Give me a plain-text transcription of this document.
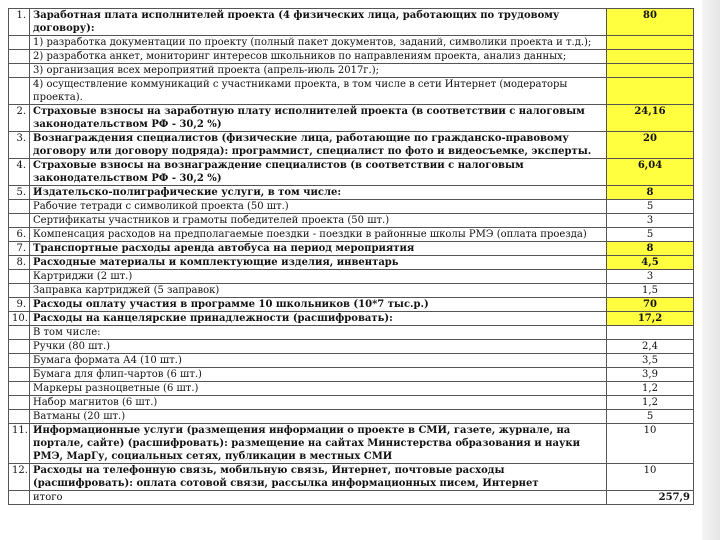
1.	Заработная плата исполнителей проекта (4 физических лица, работающих по трудовому договору):	80
	1) разработка документации по проекту (полный пакет документов, заданий, символики проекта и т.д.);	
	2) разработка анкет, мониторинг интересов школьников по направлениям проекта, анализ данных;	
	3) организация всех мероприятий проекта (апрель-июль 2017г.);	
	4) осуществление коммуникаций с участниками проекта, в том числе в сети Интернет (модераторы проекта).	
2.	Страховые взносы на заработную плату исполнителей проекта (в соответствии с налоговым законодательством РФ - 30,2 %)	24,16
3.	Вознаграждения специалистов (физические лица, работающие по гражданско-правовому договору или договору подряда): программист, специалист по фото и видеосъемке, эксперты.	20
4.	Страховые взносы на вознаграждение специалистов (в соответствии с налоговым законодательством РФ - 30,2 %)	6,04
5.	Издательско-полиграфические услуги, в том числе:	8
	Рабочие тетради с символикой проекта (50 шт.)	5
	Сертификаты участников и грамоты победителей проекта (50 шт.)	3
6.	Компенсация расходов на предполагаемые поездки - поездки в районные школы РМЭ (оплата проезда)	5
7.	Транспортные расходы аренда автобуса на период мероприятия	8
8.	Расходные материалы и комплектующие изделия, инвентарь	4,5
	Картриджи (2 шт.)	3
	Заправка картриджей (5 заправок)	1,5
9.	Расходы оплату участия в программе 10 школьников (10*7 тыс.р.)	70
10.	Расходы на канцелярские принадлежности (расшифровать):	17,2
	В том числе:	
	Ручки (80 шт.)	2,4
	Бумага формата А4 (10 шт.)	3,5
	Бумага для флип-чартов (6 шт.)	3,9
	Маркеры разноцветные (6 шт.)	1,2
	Набор магнитов (6 шт.)	1,2
	Ватманы (20 шт.)	5
11.	Информационные услуги (размещения информации о проекте в СМИ, газете, журнале, на портале, сайте) (расшифровать): размещение на сайтах Министерства образования и науки РМЭ, МарГу, социальных сетях, публикации в местных СМИ	10
12.	Расходы на телефонную связь, мобильную связь, Интернет, почтовые расходы (расшифровать): оплата сотовой связи, рассылка информационных писем, Интернет	10
	итого	257,9
